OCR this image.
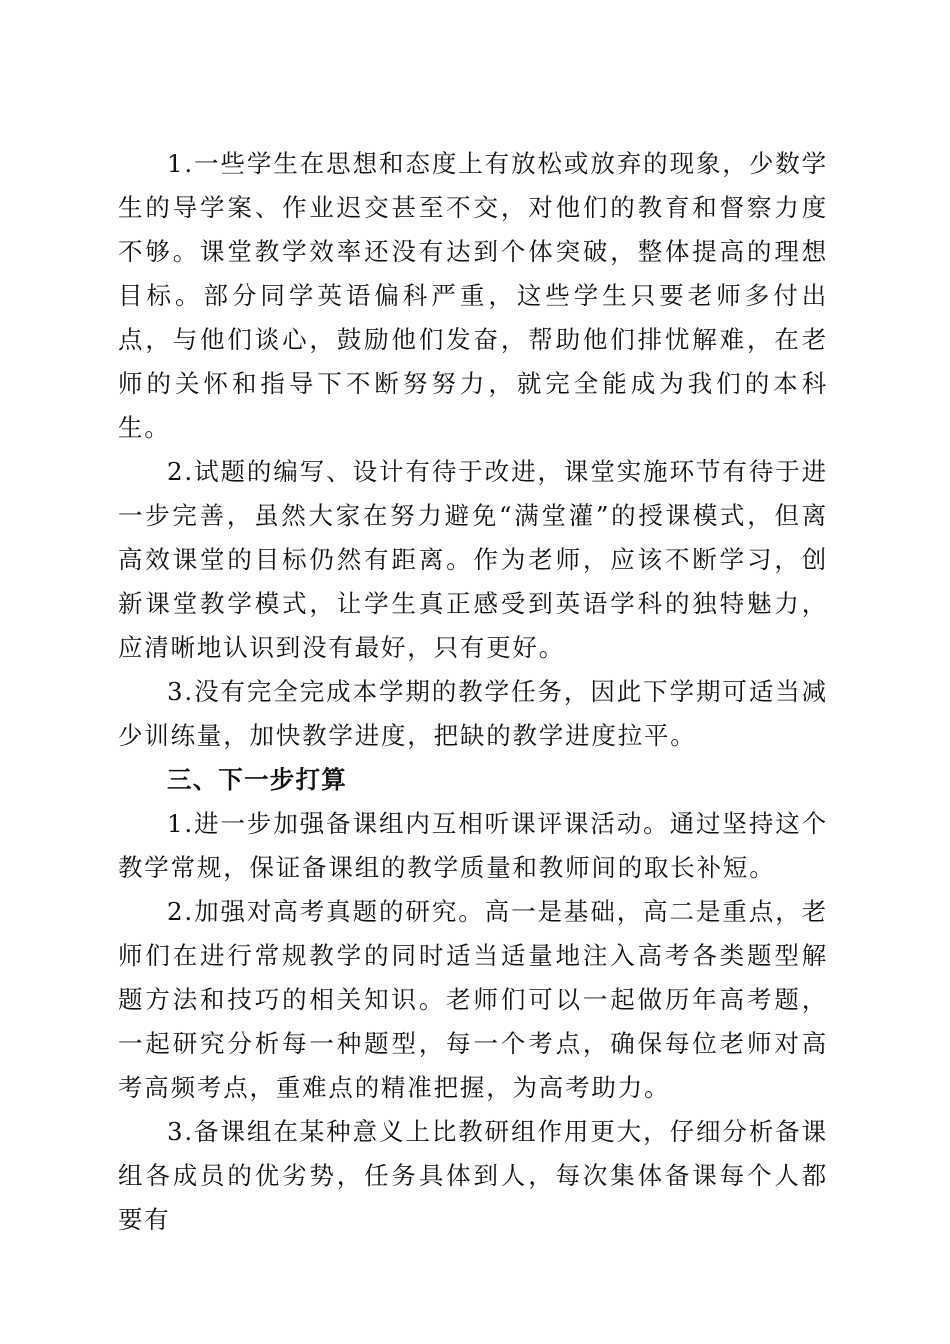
1.一些学生在思想和态度上有放松或放弃的现象，少数学生的导学案、作业迟交甚至不交，对他们的教育和督察力度不够。课堂教学效率还没有达到个体突破，整体提高的理想目标。部分同学英语偏科严重，这些学生只要老师多付出点，与他们谈心，鼓励他们发奋，帮助他们排忧解难，在老师的关怀和指导下不断努努力，就完全能成为我们的本科生。

2.试题的编写、设计有待于改进，课堂实施环节有待于进一步完善，虽然大家在努力避免“满堂灌”的授课模式，但离高效课堂的目标仍然有距离。作为老师，应该不断学习，创新课堂教学模式，让学生真正感受到英语学科的独特魅力，应清晰地认识到没有最好，只有更好。

3.没有完全完成本学期的教学任务，因此下学期可适当减少训练量，加快教学进度，把缺的教学进度拉平。

三、下一步打算

1.进一步加强备课组内互相听课评课活动。通过坚持这个教学常规，保证备课组的教学质量和教师间的取长补短。

2.加强对高考真题的研究。高一是基础，高二是重点，老师们在进行常规教学的同时适当适量地注入高考各类题型解题方法和技巧的相关知识。老师们可以一起做历年高考题，一起研究分析每一种题型，每一个考点，确保每位老师对高考高频考点，重难点的精准把握，为高考助力。

3.备课组在某种意义上比教研组作用更大，仔细分析备课组各成员的优劣势，任务具体到人，每次集体备课每个人都要有
